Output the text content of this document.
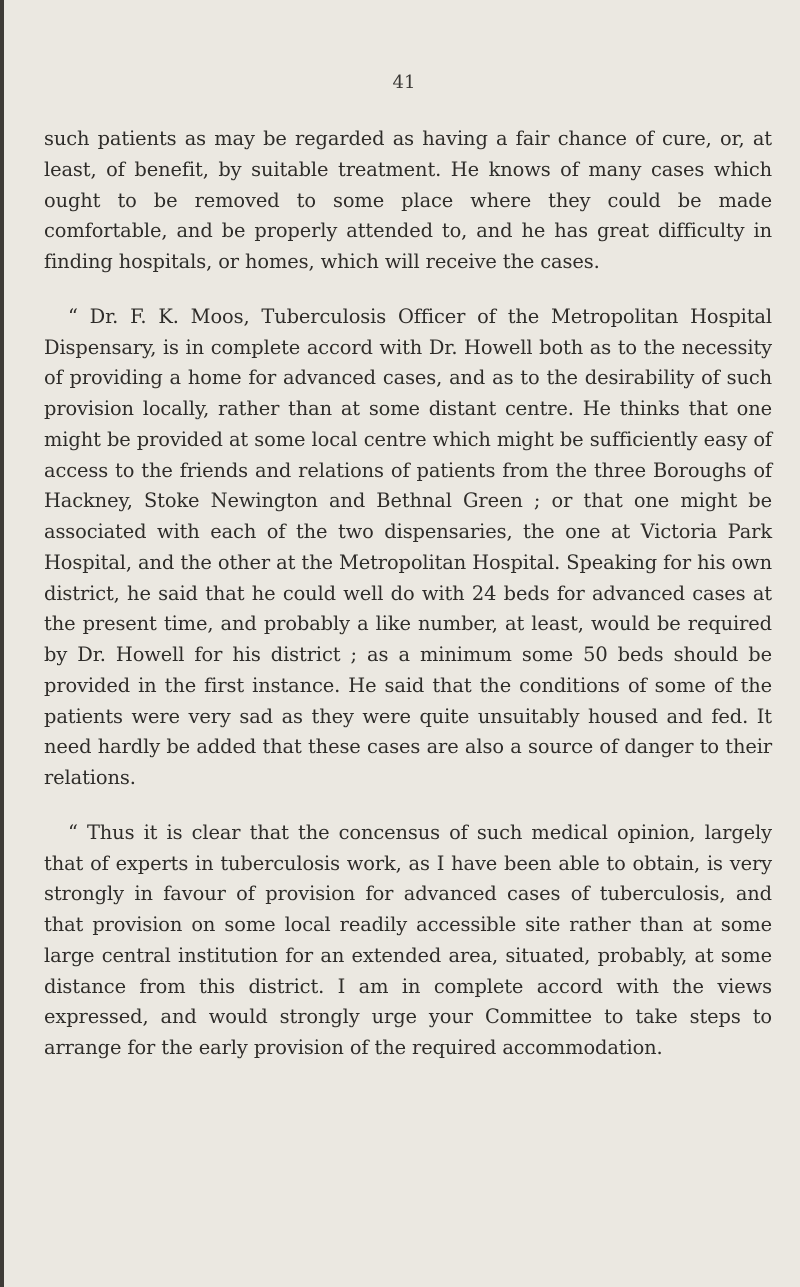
41

such patients as may be regarded as having a fair chance of cure, or, at least, of benefit, by suitable treatment. He knows of many cases which ought to be removed to some place where they could be made comfortable, and be properly attended to, and he has great difficulty in finding hospitals, or homes, which will receive the cases.

“ Dr. F. K. Moos, Tuberculosis Officer of the Metropolitan Hospital Dispensary, is in complete accord with Dr. Howell both as to the necessity of providing a home for advanced cases, and as to the desirability of such provision locally, rather than at some distant centre. He thinks that one might be provided at some local centre which might be sufficiently easy of access to the friends and relations of patients from the three Boroughs of Hackney, Stoke Newington and Bethnal Green ; or that one might be associated with each of the two dispensaries, the one at Victoria Park Hospital, and the other at the Metropolitan Hospital. Speaking for his own district, he said that he could well do with 24 beds for advanced cases at the present time, and probably a like number, at least, would be required by Dr. Howell for his district ; as a minimum some 50 beds should be provided in the first instance. He said that the conditions of some of the patients were very sad as they were quite unsuitably housed and fed. It need hardly be added that these cases are also a source of danger to their relations.

“ Thus it is clear that the concensus of such medical opinion, largely that of experts in tuberculosis work, as I have been able to obtain, is very strongly in favour of provision for advanced cases of tuberculosis, and that provision on some local readily accessible site rather than at some large central institution for an extended area, situated, probably, at some distance from this district. I am in complete accord with the views expressed, and would strongly urge your Committee to take steps to arrange for the early provision of the required accommodation.
